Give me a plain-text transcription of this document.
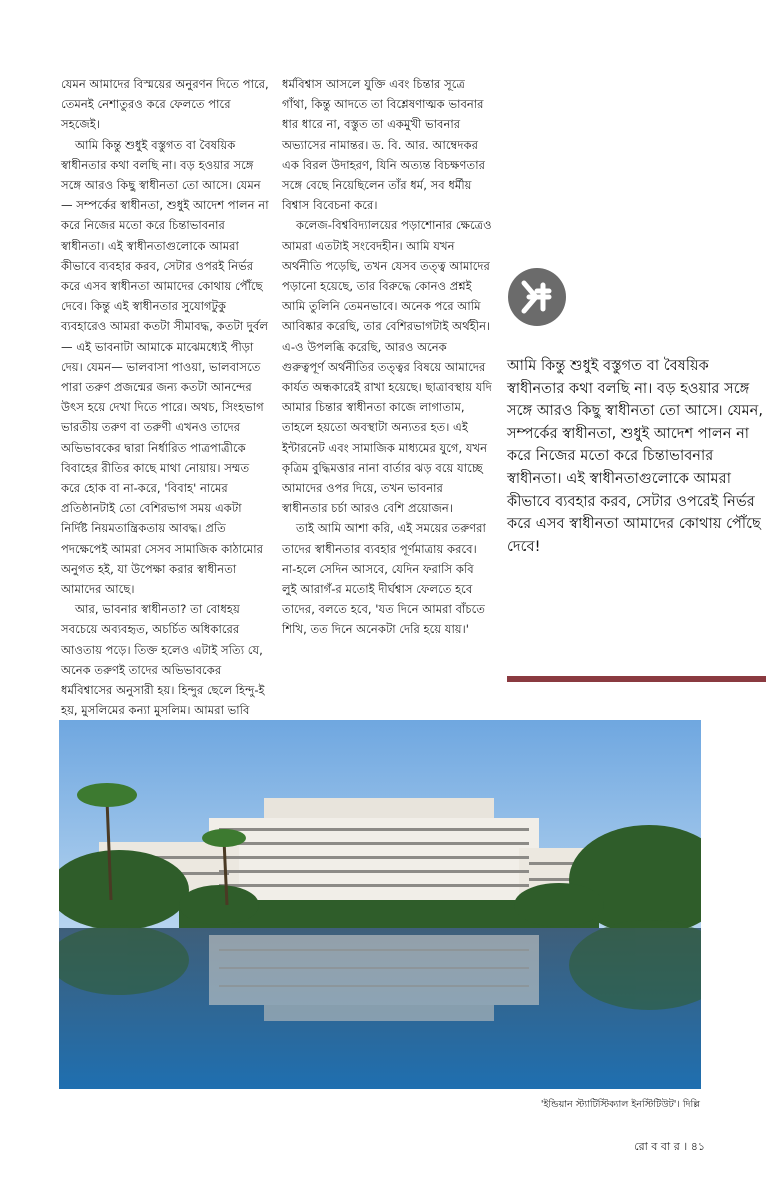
যেমন আমাদের বিস্ময়ের অনুরণন দিতে পারে, তেমনই নেশাতুরও করে ফেলতে পারে সহজেই।

আমি কিন্তু শুধুই বস্তুগত বা বৈষয়িক স্বাধীনতার কথা বলছি না। বড় হওয়ার সঙ্গে সঙ্গে আরও কিছু স্বাধীনতা তো আসে। যেমন— সম্পর্কের স্বাধীনতা, শুধুই আদেশ পালন না করে নিজের মতো করে চিন্তাভাবনার স্বাধীনতা। এই স্বাধীনতাগুলোকে আমরা কীভাবে ব্যবহার করব, সেটার ওপরই নির্ভর করে এসব স্বাধীনতা আমাদের কোথায় পৌঁছে দেবে। কিন্তু এই স্বাধীনতার সুযোগটুকু ব্যবহারেও আমরা কতটা সীমাবদ্ধ, কতটা দুর্বল— এই ভাবনাটা আমাকে মাঝেমধ্যেই পীড়া দেয়। যেমন— ভালবাসা পাওয়া, ভালবাসতে পারা তরুণ প্রজন্মের জন্য কতটা আনন্দের উৎস হয়ে দেখা দিতে পারে। অথচ, সিংহভাগ ভারতীয় তরুণ বা তরুণী এখনও তাদের অভিভাবকের দ্বারা নির্ধারিত পাত্রপাত্রীকে বিবাহের রীতির কাছে মাথা নোয়ায়। সম্মত করে হোক বা না-করে, 'বিবাহ' নামের প্রতিষ্ঠানটাই তো বেশিরভাগ সময় একটা নির্দিষ্ট নিয়মতান্ত্রিকতায় আবদ্ধ। প্রতি পদক্ষেপেই আমরা সেসব সামাজিক কাঠামোর অনুগত হই, যা উপেক্ষা করার স্বাধীনতা আমাদের আছে।

আর, ভাবনার স্বাধীনতা? তা বোধহয় সবচেয়ে অব্যবহৃত, অচর্চিত অধিকারের আওতায় পড়ে। তিক্ত হলেও এটাই সত্যি যে, অনেক তরুণই তাদের অভিভাবকের ধর্মবিশ্বাসের অনুসারী হয়। হিন্দুর ছেলে হিন্দু-ই হয়, মুসলিমের কন্যা মুসলিম। আমরা ভাবি

ধর্মবিশ্বাস আসলে যুক্তি এবং চিন্তার সূত্রে গাঁথা, কিন্তু আদতে তা বিশ্লেষণাত্মক ভাবনার ধার ধারে না, বস্তুত তা একমুখী ভাবনার অভ্যাসের নামান্তর। ড. বি. আর. আম্বেদকর এক বিরল উদাহরণ, যিনি অত্যন্ত বিচক্ষণতার সঙ্গে বেছে নিয়েছিলেন তাঁর ধর্ম, সব ধর্মীয় বিশ্বাস বিবেচনা করে।

কলেজ-বিশ্ববিদ্যালয়ের পড়াশোনার ক্ষেত্রেও আমরা এতটাই সংবেদহীন। আমি যখন অর্থনীতি পড়েছি, তখন যেসব তত্ত্ব আমাদের পড়ানো হয়েছে, তার বিরুদ্ধে কোনও প্রশ্নই আমি তুলিনি তেমনভাবে। অনেক পরে আমি আবিষ্কার করেছি, তার বেশিরভাগটাই অর্থহীন। এ-ও উপলব্ধি করেছি, আরও অনেক গুরুত্বপূর্ণ অর্থনীতির তত্ত্বর বিষয়ে আমাদের কার্যত অন্ধকারেই রাখা হয়েছে। ছাত্রাবস্থায় যদি আমার চিন্তার স্বাধীনতা কাজে লাগাতাম, তাহলে হয়তো অবস্থাটা অন্যতর হত। এই ইন্টারনেট এবং সামাজিক মাধ্যমের যুগে, যখন কৃত্রিম বুদ্ধিমত্তার নানা বার্তার ঝড় বয়ে যাচ্ছে আমাদের ওপর দিয়ে, তখন ভাবনার স্বাধীনতার চর্চা আরও বেশি প্রয়োজন।

তাই আমি আশা করি, এই সময়ের তরুণরা তাদের স্বাধীনতার ব্যবহার পূর্ণমাত্রায় করবে। না-হলে সেদিন আসবে, যেদিন ফরাসি কবি লুই আরাগঁ-র মতোই দীর্ঘশ্বাস ফেলতে হবে তাদের, বলতে হবে, 'যত দিনে আমরা বাঁচতে শিখি, তত দিনে অনেকটা দেরি হয়ে যায়।'

আমি কিন্তু শুধুই বস্তুগত বা বৈষয়িক স্বাধীনতার কথা বলছি না। বড় হওয়ার সঙ্গে সঙ্গে আরও কিছু স্বাধীনতা তো আসে। যেমন, সম্পর্কের স্বাধীনতা, শুধুই আদেশ পালন না করে নিজের মতো করে চিন্তাভাবনার স্বাধীনতা। এই স্বাধীনতাগুলোকে আমরা কীভাবে ব্যবহার করব, সেটার ওপরেই নির্ভর করে এসব স্বাধীনতা আমাদের কোথায় পৌঁছে দেবে!
'ইন্ডিয়ান স্ট্যাটিস্টিক্যাল ইনস্টিটিউট'। দিল্লি
রো ব বা র । ৪১
